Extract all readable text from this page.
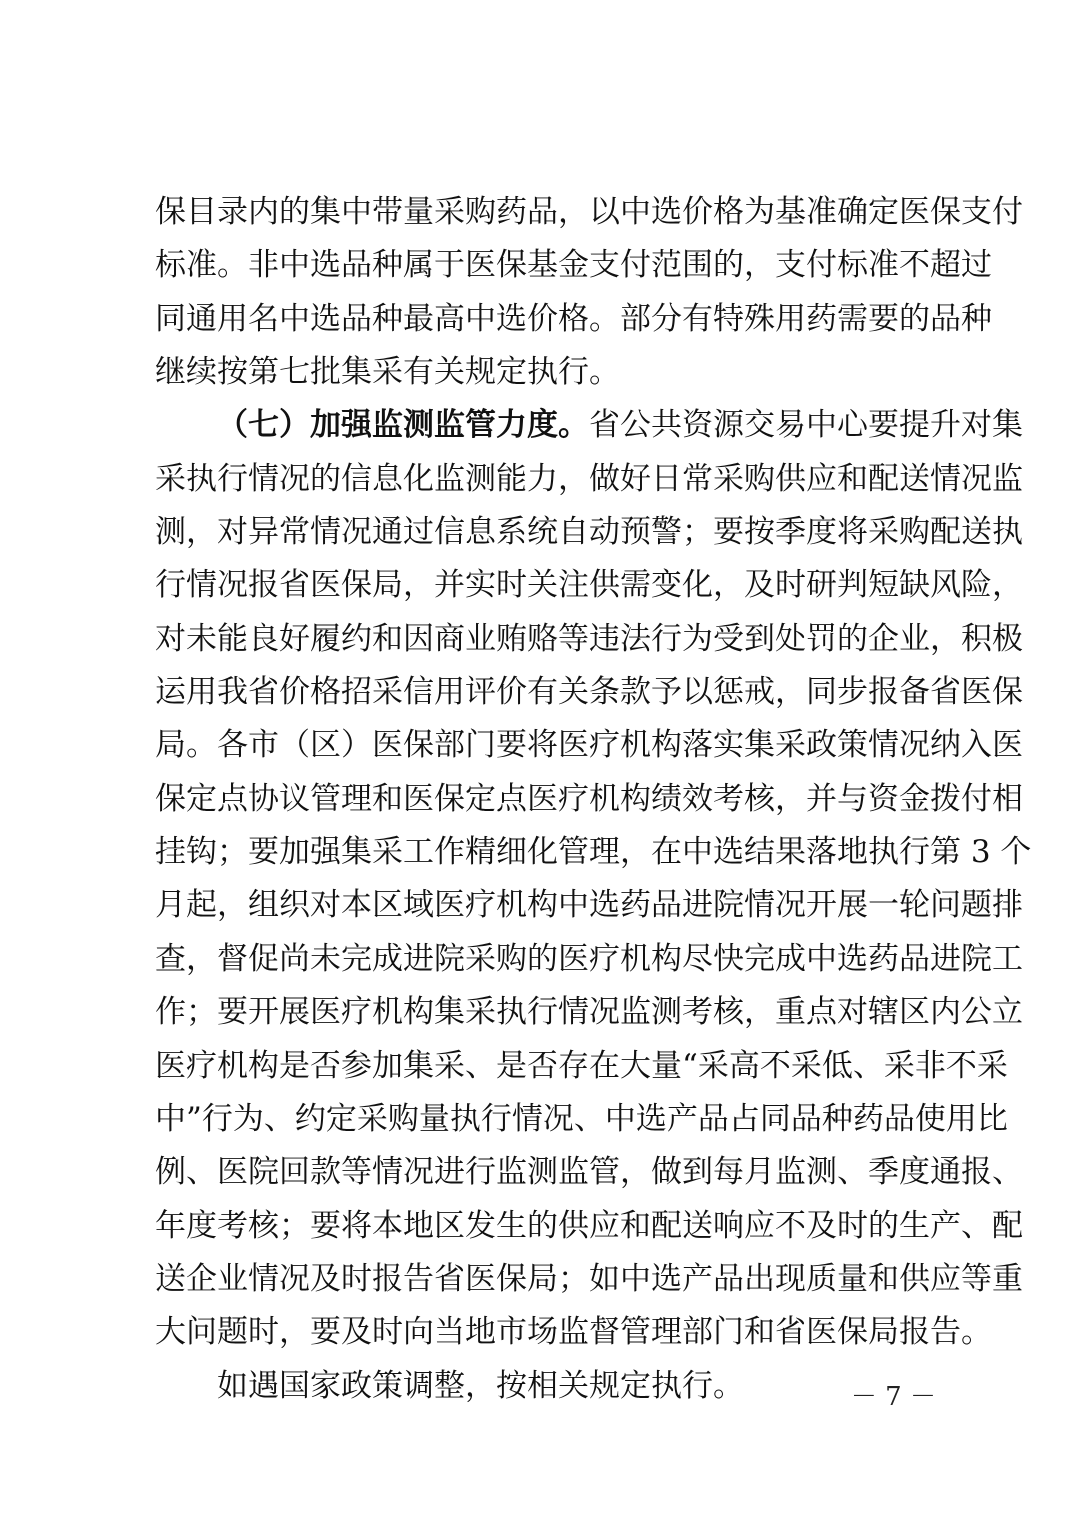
保目录内的集中带量采购药品，以中选价格为基准确定医保支付
标准。非中选品种属于医保基金支付范围的，支付标准不超过
同通用名中选品种最高中选价格。部分有特殊用药需要的品种
继续按第七批集采有关规定执行。
（七）加强监测监管力度。省公共资源交易中心要提升对集
采执行情况的信息化监测能力，做好日常采购供应和配送情况监
测，对异常情况通过信息系统自动预警；要按季度将采购配送执
行情况报省医保局，并实时关注供需变化，及时研判短缺风险，
对未能良好履约和因商业贿赂等违法行为受到处罚的企业，积极
运用我省价格招采信用评价有关条款予以惩戒，同步报备省医保
局。各市（区）医保部门要将医疗机构落实集采政策情况纳入医
保定点协议管理和医保定点医疗机构绩效考核，并与资金拨付相
挂钩；要加强集采工作精细化管理，在中选结果落地执行第 3 个
月起，组织对本区域医疗机构中选药品进院情况开展一轮问题排
查，督促尚未完成进院采购的医疗机构尽快完成中选药品进院工
作；要开展医疗机构集采执行情况监测考核，重点对辖区内公立
医疗机构是否参加集采、是否存在大量“采高不采低、采非不采
中”行为、约定采购量执行情况、中选产品占同品种药品使用比
例、医院回款等情况进行监测监管，做到每月监测、季度通报、
年度考核；要将本地区发生的供应和配送响应不及时的生产、配
送企业情况及时报告省医保局；如中选产品出现质量和供应等重
大问题时，要及时向当地市场监督管理部门和省医保局报告。
如遇国家政策调整，按相关规定执行。	－ 7 －
